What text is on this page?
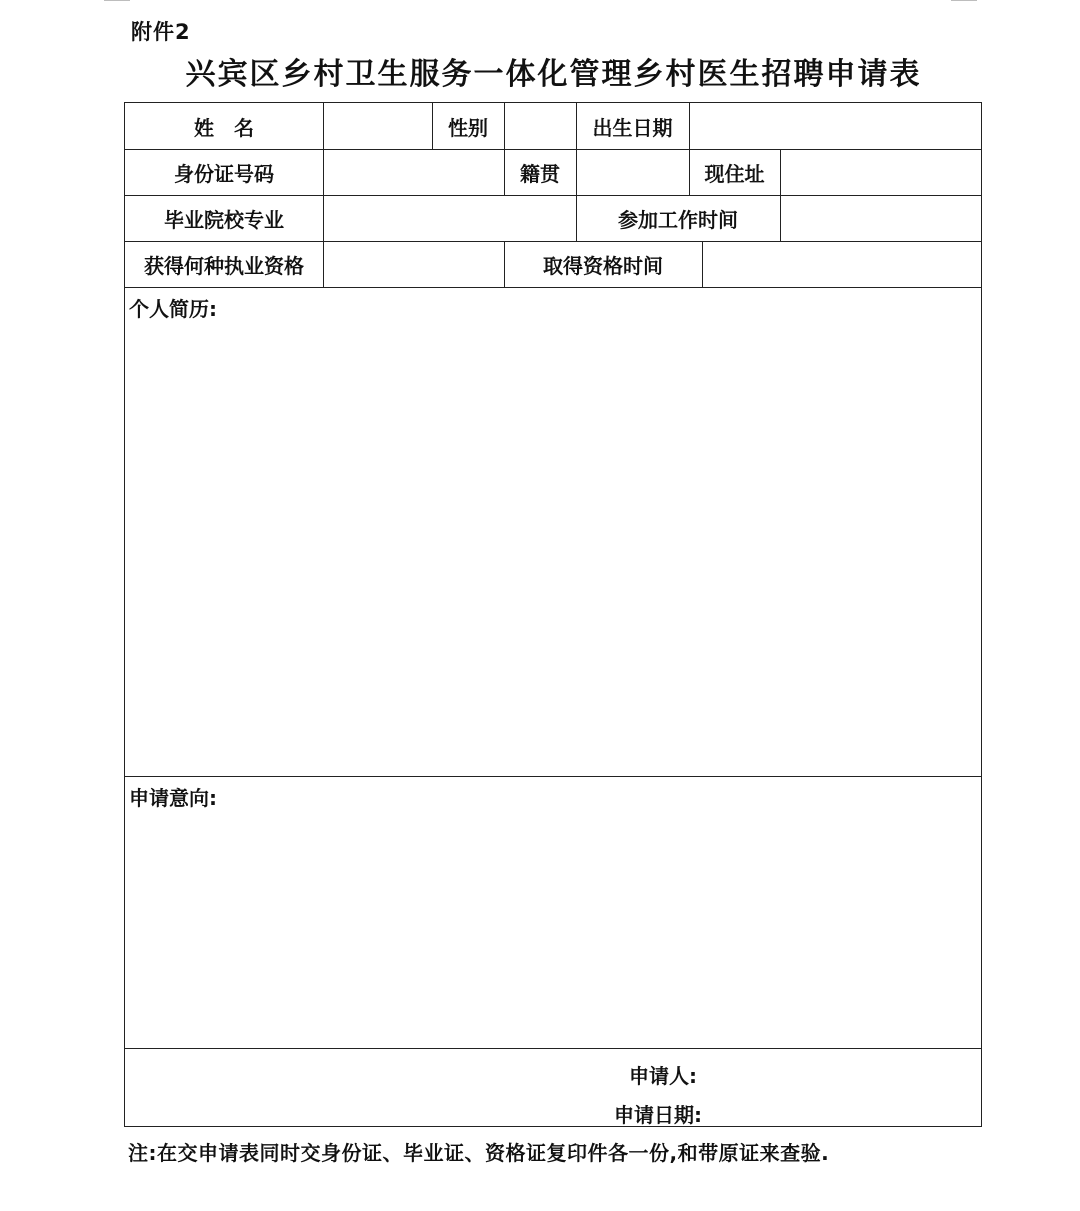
附件2
兴宾区乡村卫生服务一体化管理乡村医生招聘申请表
姓　名	性别	出生日期
身份证号码	籍贯	现住址
毕业院校专业	参加工作时间
获得何种执业资格	取得资格时间
个人简历:
申请意向:
申请人:
申请日期:
注:在交申请表同时交身份证、毕业证、资格证复印件各一份,和带原证来查验.
